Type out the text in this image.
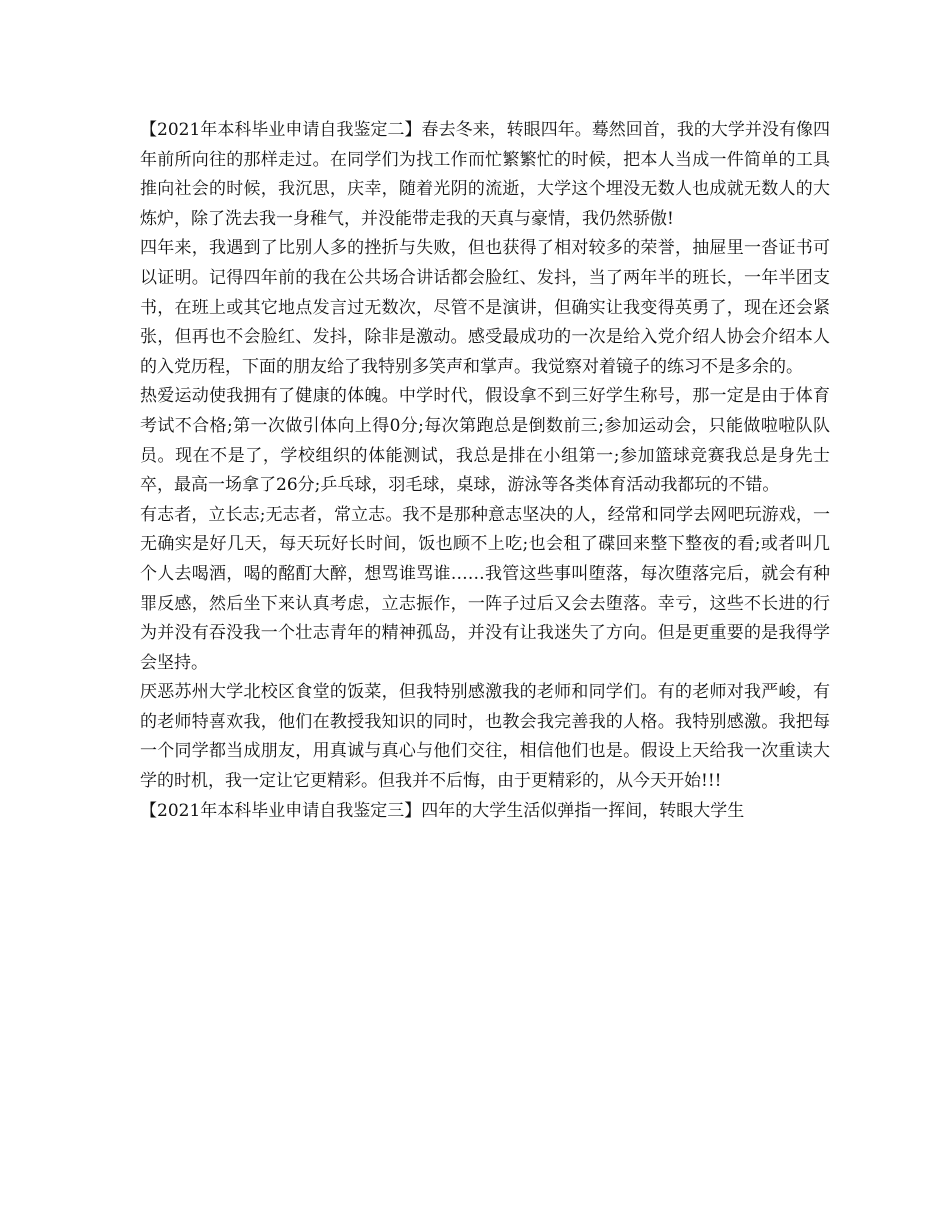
【2021年本科毕业申请自我鉴定二】春去冬来，转眼四年。蓦然回首，我的大学并没有像四年前所向往的那样走过。在同学们为找工作而忙繁繁忙的时候，把本人当成一件简单的工具推向社会的时候，我沉思，庆幸，随着光阴的流逝，大学这个埋没无数人也成就无数人的大炼炉，除了洗去我一身稚气，并没能带走我的天真与豪情，我仍然骄傲!

四年来，我遇到了比别人多的挫折与失败，但也获得了相对较多的荣誉，抽屉里一沓证书可以证明。记得四年前的我在公共场合讲话都会脸红、发抖，当了两年半的班长，一年半团支书，在班上或其它地点发言过无数次，尽管不是演讲，但确实让我变得英勇了，现在还会紧张，但再也不会脸红、发抖，除非是激动。感受最成功的一次是给入党介绍人协会介绍本人的入党历程，下面的朋友给了我特别多笑声和掌声。我觉察对着镜子的练习不是多余的。

热爱运动使我拥有了健康的体魄。中学时代，假设拿不到三好学生称号，那一定是由于体育考试不合格;第一次做引体向上得0分;每次第跑总是倒数前三;参加运动会，只能做啦啦队队员。现在不是了，学校组织的体能测试，我总是排在小组第一;参加篮球竞赛我总是身先士卒，最高一场拿了26分;乒乓球，羽毛球，桌球，游泳等各类体育活动我都玩的不错。

有志者，立长志;无志者，常立志。我不是那种意志坚决的人，经常和同学去网吧玩游戏，一无确实是好几天，每天玩好长时间，饭也顾不上吃;也会租了碟回来整下整夜的看;或者叫几个人去喝酒，喝的酩酊大醉，想骂谁骂谁……我管这些事叫堕落，每次堕落完后，就会有种罪反感，然后坐下来认真考虑，立志振作，一阵子过后又会去堕落。幸亏，这些不长进的行为并没有吞没我一个壮志青年的精神孤岛，并没有让我迷失了方向。但是更重要的是我得学会坚持。

厌恶苏州大学北校区食堂的饭菜，但我特别感激我的老师和同学们。有的老师对我严峻，有的老师特喜欢我，他们在教授我知识的同时，也教会我完善我的人格。我特别感激。我把每一个同学都当成朋友，用真诚与真心与他们交往，相信他们也是。假设上天给我一次重读大学的时机，我一定让它更精彩。但我并不后悔，由于更精彩的，从今天开始!!!

【2021年本科毕业申请自我鉴定三】四年的大学生活似弹指一挥间，转眼大学生
